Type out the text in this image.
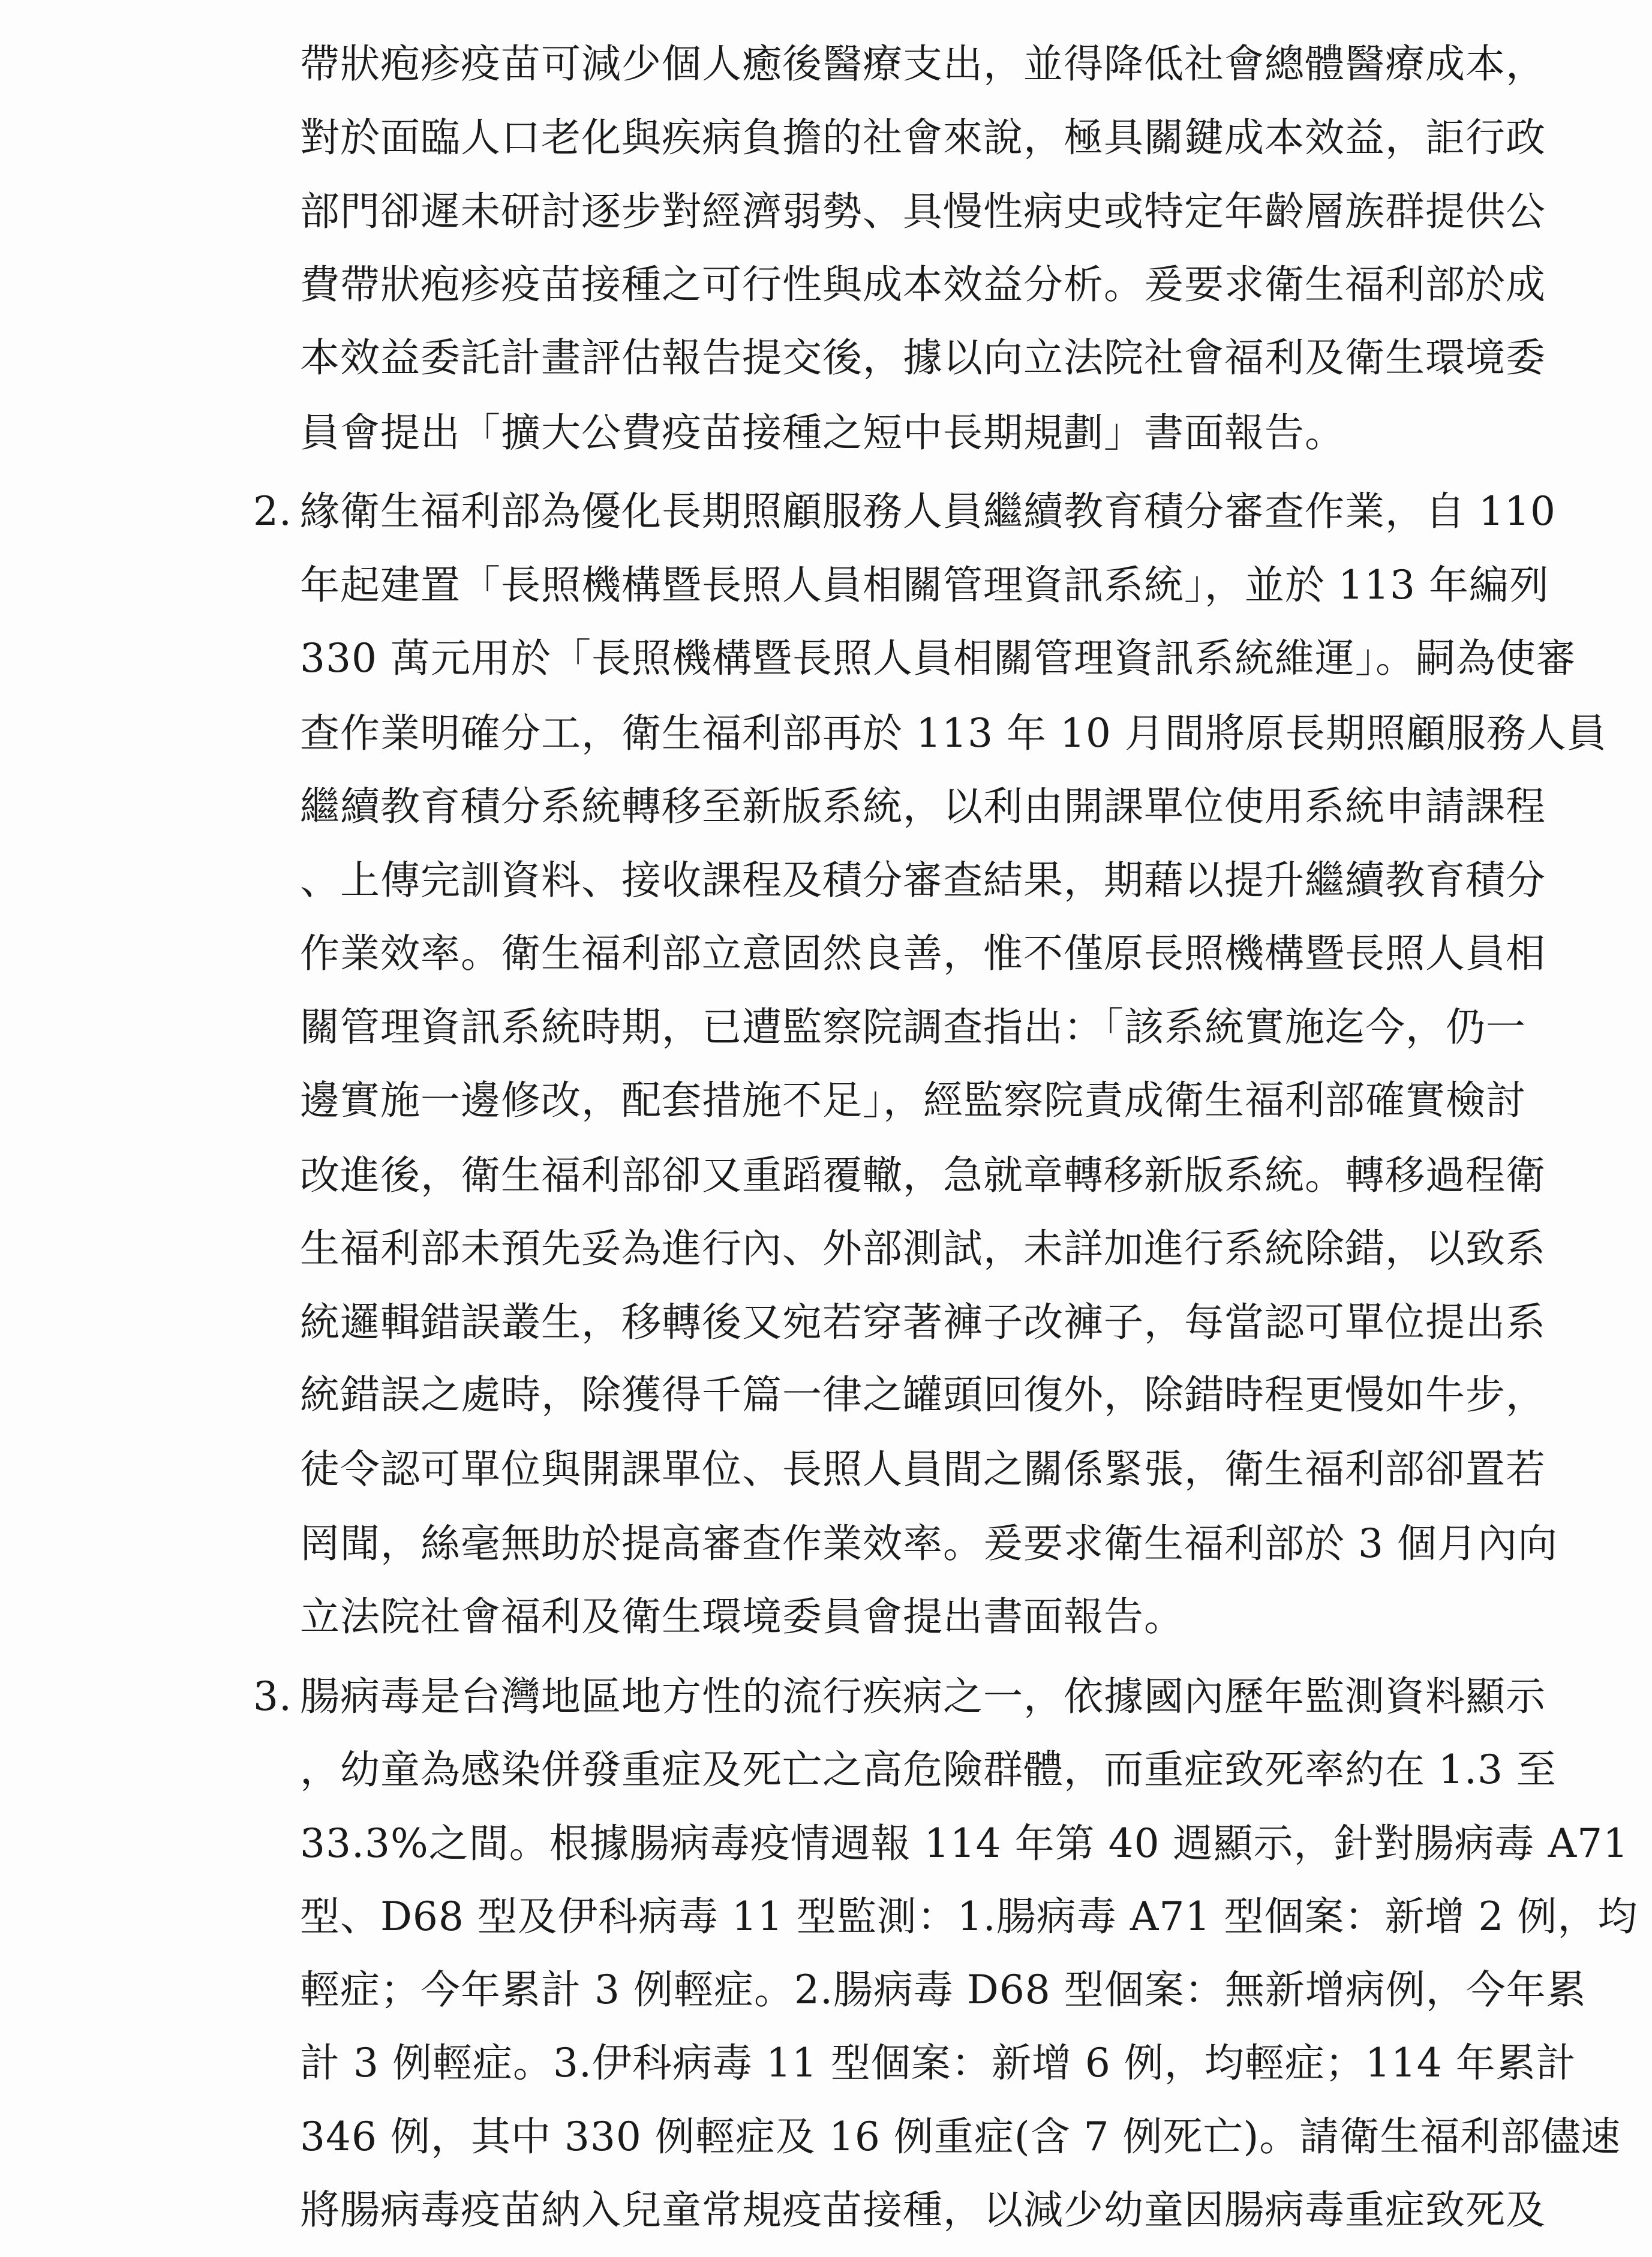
帶狀疱疹疫苗可減少個人癒後醫療支出，並得降低社會總體醫療成本，
對於面臨人口老化與疾病負擔的社會來說，極具關鍵成本效益，詎行政
部門卻遲未研討逐步對經濟弱勢、具慢性病史或特定年齡層族群提供公
費帶狀疱疹疫苗接種之可行性與成本效益分析。爰要求衛生福利部於成
本效益委託計畫評估報告提交後，據以向立法院社會福利及衛生環境委
員會提出「擴大公費疫苗接種之短中長期規劃」書面報告。
2. 緣衛生福利部為優化長期照顧服務人員繼續教育積分審查作業，自 110
年起建置「長照機構暨長照人員相關管理資訊系統」，並於 113 年編列
330 萬元用於「長照機構暨長照人員相關管理資訊系統維運」。嗣為使審
查作業明確分工，衛生福利部再於 113 年 10 月間將原長期照顧服務人員
繼續教育積分系統轉移至新版系統，以利由開課單位使用系統申請課程
、上傳完訓資料、接收課程及積分審查結果，期藉以提升繼續教育積分
作業效率。衛生福利部立意固然良善，惟不僅原長照機構暨長照人員相
關管理資訊系統時期，已遭監察院調查指出：「該系統實施迄今，仍一
邊實施一邊修改，配套措施不足」，經監察院責成衛生福利部確實檢討
改進後，衛生福利部卻又重蹈覆轍，急就章轉移新版系統。轉移過程衛
生福利部未預先妥為進行內、外部測試，未詳加進行系統除錯，以致系
統邏輯錯誤叢生，移轉後又宛若穿著褲子改褲子，每當認可單位提出系
統錯誤之處時，除獲得千篇一律之罐頭回復外，除錯時程更慢如牛步，
徒令認可單位與開課單位、長照人員間之關係緊張，衛生福利部卻置若
罔聞，絲毫無助於提高審查作業效率。爰要求衛生福利部於 3 個月內向
立法院社會福利及衛生環境委員會提出書面報告。
3. 腸病毒是台灣地區地方性的流行疾病之一，依據國內歷年監測資料顯示
，幼童為感染併發重症及死亡之高危險群體，而重症致死率約在 1.3 至
33.3%之間。根據腸病毒疫情週報 114 年第 40 週顯示，針對腸病毒 A71
型、D68 型及伊科病毒 11 型監測：1.腸病毒 A71 型個案：新增 2 例，均
輕症；今年累計 3 例輕症。2.腸病毒 D68 型個案：無新增病例，今年累
計 3 例輕症。3.伊科病毒 11 型個案：新增 6 例，均輕症；114 年累計
346 例，其中 330 例輕症及 16 例重症(含 7 例死亡)。請衛生福利部儘速
將腸病毒疫苗納入兒童常規疫苗接種，以減少幼童因腸病毒重症致死及
